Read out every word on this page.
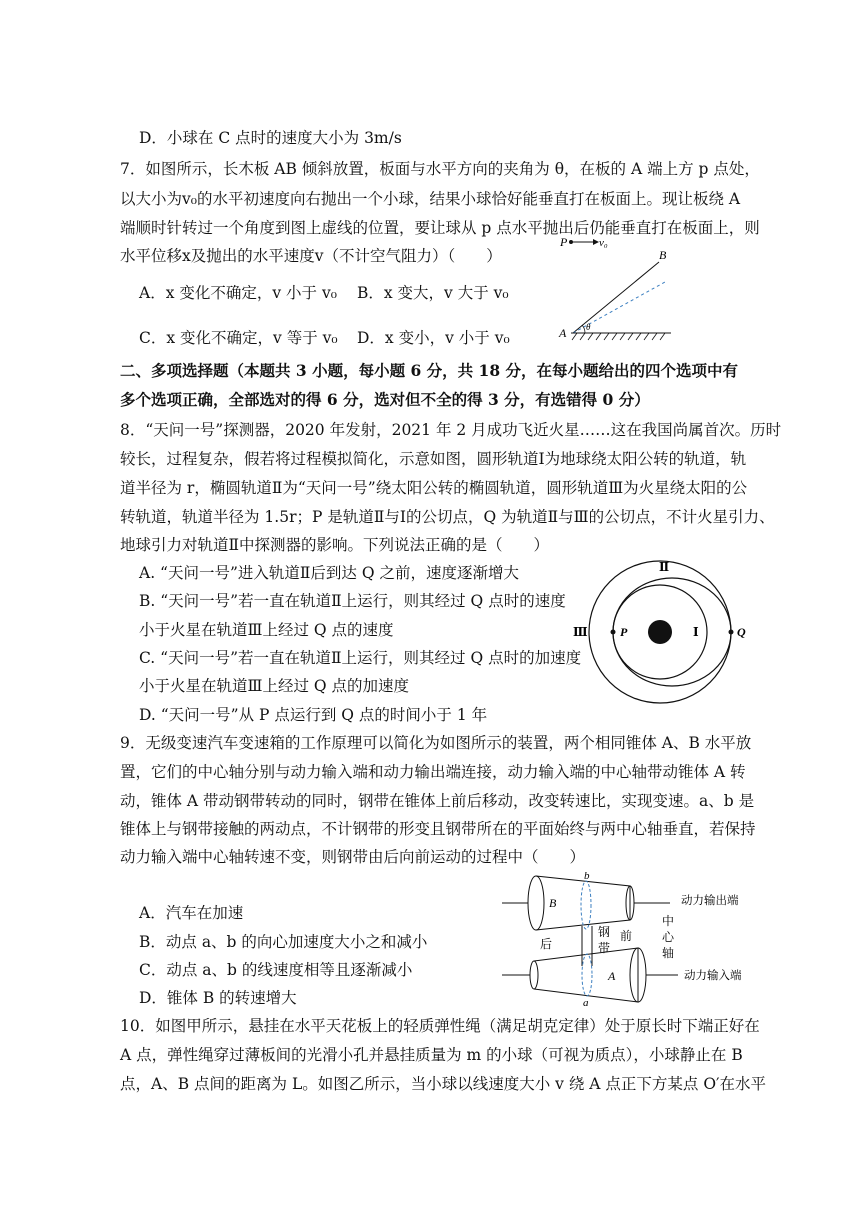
D．小球在 C 点时的速度大小为 3m/s
7．如图所示，长木板 AB 倾斜放置，板面与水平方向的夹角为 θ，在板的 A 端上方 p 点处，
以大小为v₀的水平初速度向右抛出一个小球，结果小球恰好能垂直打在板面上。现让板绕 A
端顺时针转过一个角度到图上虚线的位置，要让球从 p 点水平抛出后仍能垂直打在板面上，则
水平位移x及抛出的水平速度v（不计空气阻力）（　　）
A．x 变化不确定，v 小于 v₀ B．x 变大，v 大于 v₀
C．x 变化不确定，v 等于 v₀ D．x 变小，v 小于 v₀
P	v₀
B
θ
A
二、多项选择题（本题共 3 小题，每小题 6 分，共 18 分，在每小题给出的四个选项中有
多个选项正确，全部选对的得 6 分，选对但不全的得 3 分，有选错得 0 分）
8．“天问一号”探测器，2020 年发射，2021 年 2 月成功飞近火星……这在我国尚属首次。历时
较长，过程复杂，假若将过程模拟简化，示意如图，圆形轨道Ⅰ为地球绕太阳公转的轨道，轨
道半径为 r，椭圆轨道Ⅱ为“天问一号”绕太阳公转的椭圆轨道，圆形轨道Ⅲ为火星绕太阳的公
转轨道，轨道半径为 1.5r；P 是轨道Ⅱ与Ⅰ的公切点，Q 为轨道Ⅱ与Ⅲ的公切点，不计火星引力、
地球引力对轨道Ⅱ中探测器的影响。下列说法正确的是（　　）
A. “天问一号”进入轨道Ⅱ后到达 Q 之前，速度逐渐增大
B. “天问一号”若一直在轨道Ⅱ上运行，则其经过 Q 点时的速度
小于火星在轨道Ⅲ上经过 Q 点的速度
C. “天问一号”若一直在轨道Ⅱ上运行，则其经过 Q 点时的加速度
小于火星在轨道Ⅲ上经过 Q 点的加速度
D. “天问一号”从 P 点运行到 Q 点的时间小于 1 年
Ⅱ
Ⅲ	P	Ⅰ	Q
9．无级变速汽车变速箱的工作原理可以简化为如图所示的装置，两个相同锥体 A、B 水平放
置，它们的中心轴分别与动力输入端和动力输出端连接，动力输入端的中心轴带动锥体 A 转
动，锥体 A 带动钢带转动的同时，钢带在锥体上前后移动，改变转速比，实现变速。a、b 是
锥体上与钢带接触的两动点，不计钢带的形变且钢带所在的平面始终与两中心轴垂直，若保持
动力输入端中心轴转速不变，则钢带由后向前运动的过程中（　　）
A．汽车在加速
B．动点 a、b 的向心加速度大小之和减小
C．动点 a、b 的线速度相等且逐渐减小
D．锥体 B 的转速增大
动力输出端
b
B
后
钢
带
前
中
心
轴
动力输入端
A
a
10．如图甲所示，悬挂在水平天花板上的轻质弹性绳（满足胡克定律）处于原长时下端正好在
A 点，弹性绳穿过薄板间的光滑小孔并悬挂质量为 m 的小球（可视为质点），小球静止在 B
点，A、B 点间的距离为 L。如图乙所示，当小球以线速度大小 v 绕 A 点正下方某点 O′在水平
